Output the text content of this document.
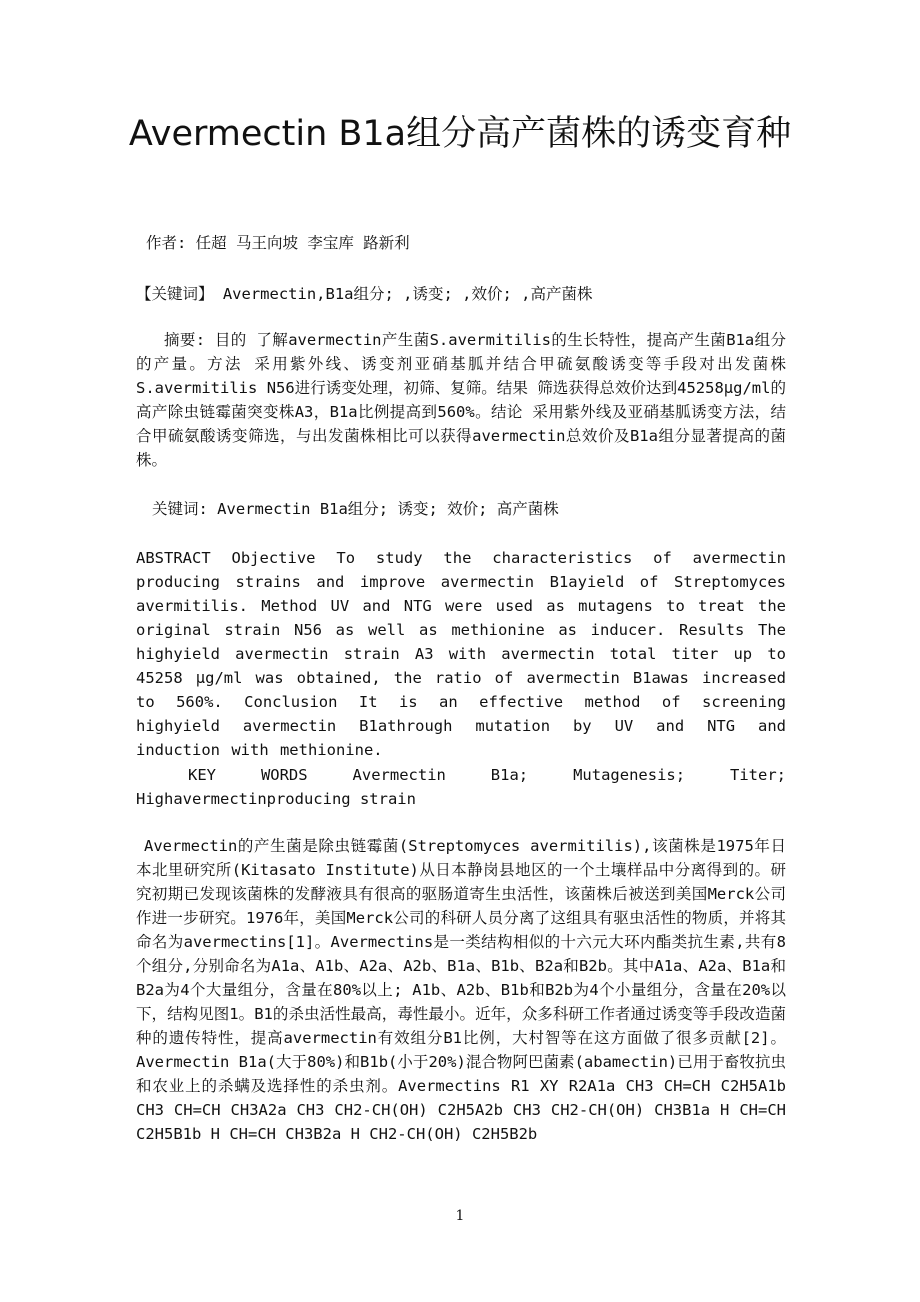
Avermectin B1a组分高产菌株的诱变育种

作者: 任超 马王向坡 李宝库 路新利

【关键词】 Avermectin,B1a组分; ,诱变; ,效价; ,高产菌株

摘要: 目的 了解avermectin产生菌S.avermitilis的生长特性，提高产生菌B1a组分的产量。方法 采用紫外线、诱变剂亚硝基胍并结合甲硫氨酸诱变等手段对出发菌株S.avermitilis N56进行诱变处理，初筛、复筛。结果 筛选获得总效价达到45258μg/ml的高产除虫链霉菌突变株A3，B1a比例提高到560%。结论 采用紫外线及亚硝基胍诱变方法，结合甲硫氨酸诱变筛选，与出发菌株相比可以获得avermectin总效价及B1a组分显著提高的菌株。

关键词: Avermectin B1a组分; 诱变; 效价; 高产菌株

ABSTRACT Objective To study the characteristics of avermectin producing strains and improve avermectin B1ayield of Streptomyces avermitilis. Method UV and NTG were used as mutagens to treat the original strain N56 as well as methionine as inducer. Results The highyield avermectin strain A3 with avermectin total titer up to 45258 μg/ml was obtained, the ratio of avermectin B1awas increased to 560%. Conclusion It is an effective method of screening highyield avermectin B1athrough mutation by UV and NTG and induction with methionine.

KEY WORDS Avermectin B1a; Mutagenesis; Titer; Highavermectinproducing strain

Avermectin的产生菌是除虫链霉菌(Streptomyces avermitilis),该菌株是1975年日本北里研究所(Kitasato Institute)从日本静岗县地区的一个土壤样品中分离得到的。研究初期已发现该菌株的发酵液具有很高的驱肠道寄生虫活性，该菌株后被送到美国Merck公司作进一步研究。1976年，美国Merck公司的科研人员分离了这组具有驱虫活性的物质，并将其命名为avermectins[1]。Avermectins是一类结构相似的十六元大环内酯类抗生素,共有8个组分,分别命名为A1a、A1b、A2a、A2b、B1a、B1b、B2a和B2b。其中A1a、A2a、B1a和B2a为4个大量组分，含量在80%以上; A1b、A2b、B1b和B2b为4个小量组分，含量在20%以下，结构见图1。B1的杀虫活性最高，毒性最小。近年，众多科研工作者通过诱变等手段改造菌种的遗传特性，提高avermectin有效组分B1比例，大村智等在这方面做了很多贡献[2]。Avermectin B1a(大于80%)和B1b(小于20%)混合物阿巴菌素(abamectin)已用于畜牧抗虫和农业上的杀螨及选择性的杀虫剂。Avermectins R1 XY R2A1a CH3 CH=CH C2H5A1b CH3 CH=CH CH3A2a CH3 CH2-CH(OH) C2H5A2b CH3 CH2-CH(OH) CH3B1a H CH=CH C2H5B1b H CH=CH CH3B2a H CH2-CH(OH) C2H5B2b

1
